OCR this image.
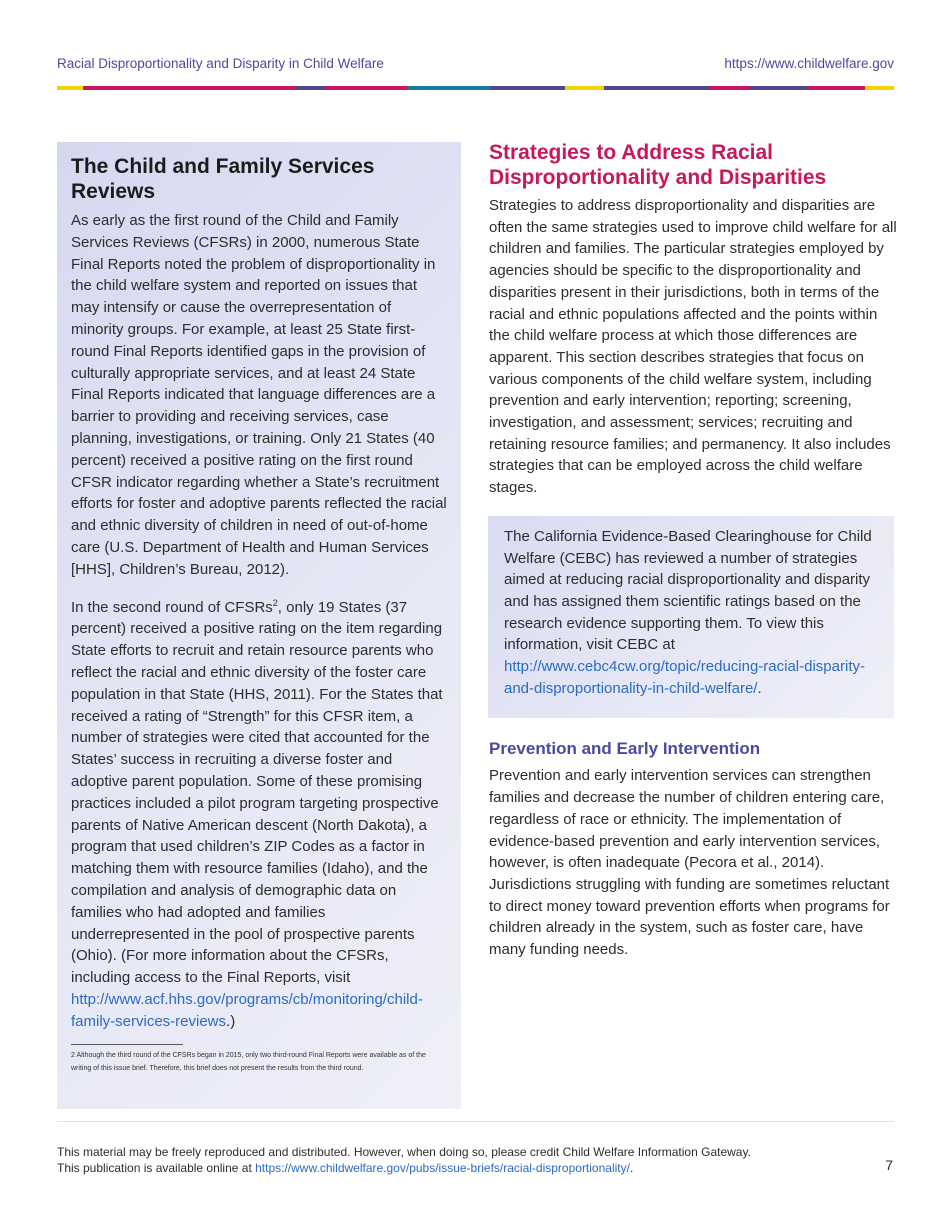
Racial Disproportionality and Disparity in Child Welfare	https://www.childwelfare.gov
The Child and Family Services Reviews

As early as the first round of the Child and Family Services Reviews (CFSRs) in 2000, numerous State Final Reports noted the problem of disproportionality in the child welfare system and reported on issues that may intensify or cause the overrepresentation of minority groups. For example, at least 25 State first-round Final Reports identified gaps in the provision of culturally appropriate services, and at least 24 State Final Reports indicated that language differences are a barrier to providing and receiving services, case planning, investigations, or training. Only 21 States (40 percent) received a positive rating on the first round CFSR indicator regarding whether a State’s recruitment efforts for foster and adoptive parents reflected the racial and ethnic diversity of children in need of out-of-home care (U.S. Department of Health and Human Services [HHS], Children’s Bureau, 2012).

In the second round of CFSRs$^2$, only 19 States (37 percent) received a positive rating on the item regarding State efforts to recruit and retain resource parents who reflect the racial and ethnic diversity of the foster care population in that State (HHS, 2011). For the States that received a rating of “Strength” for this CFSR item, a number of strategies were cited that accounted for the States’ success in recruiting a diverse foster and adoptive parent population. Some of these promising practices included a pilot program targeting prospective parents of Native American descent (North Dakota), a program that used children’s ZIP Codes as a factor in matching them with resource families (Idaho), and the compilation and analysis of demographic data on families who had adopted and families underrepresented in the pool of prospective parents (Ohio). (For more information about the CFSRs, including access to the Final Reports, visit http://www.acf.hhs.gov/programs/cb/monitoring/child-family-services-reviews.)

2 Although the third round of the CFSRs began in 2015, only two third-round Final Reports were available as of the writing of this issue brief. Therefore, this brief does not present the results from the third round.
Strategies to Address Racial Disproportionality and Disparities

Strategies to address disproportionality and disparities are often the same strategies used to improve child welfare for all children and families. The particular strategies employed by agencies should be specific to the disproportionality and disparities present in their jurisdictions, both in terms of the racial and ethnic populations affected and the points within the child welfare process at which those differences are apparent. This section describes strategies that focus on various components of the child welfare system, including prevention and early intervention; reporting; screening, investigation, and assessment; services; recruiting and retaining resource families; and permanency. It also includes strategies that can be employed across the child welfare stages.

The California Evidence-Based Clearinghouse for Child Welfare (CEBC) has reviewed a number of strategies aimed at reducing racial disproportionality and disparity and has assigned them scientific ratings based on the research evidence supporting them. To view this information, visit CEBC at http://www.cebc4cw.org/topic/reducing-racial-disparity-and-disproportionality-in-child-welfare/.

Prevention and Early Intervention

Prevention and early intervention services can strengthen families and decrease the number of children entering care, regardless of race or ethnicity. The implementation of evidence-based prevention and early intervention services, however, is often inadequate (Pecora et al., 2014). Jurisdictions struggling with funding are sometimes reluctant to direct money toward prevention efforts when programs for children already in the system, such as foster care, have many funding needs.

This material may be freely reproduced and distributed. However, when doing so, please credit Child Welfare Information Gateway.
This publication is available online at https://www.childwelfare.gov/pubs/issue-briefs/racial-disproportionality/.	7
